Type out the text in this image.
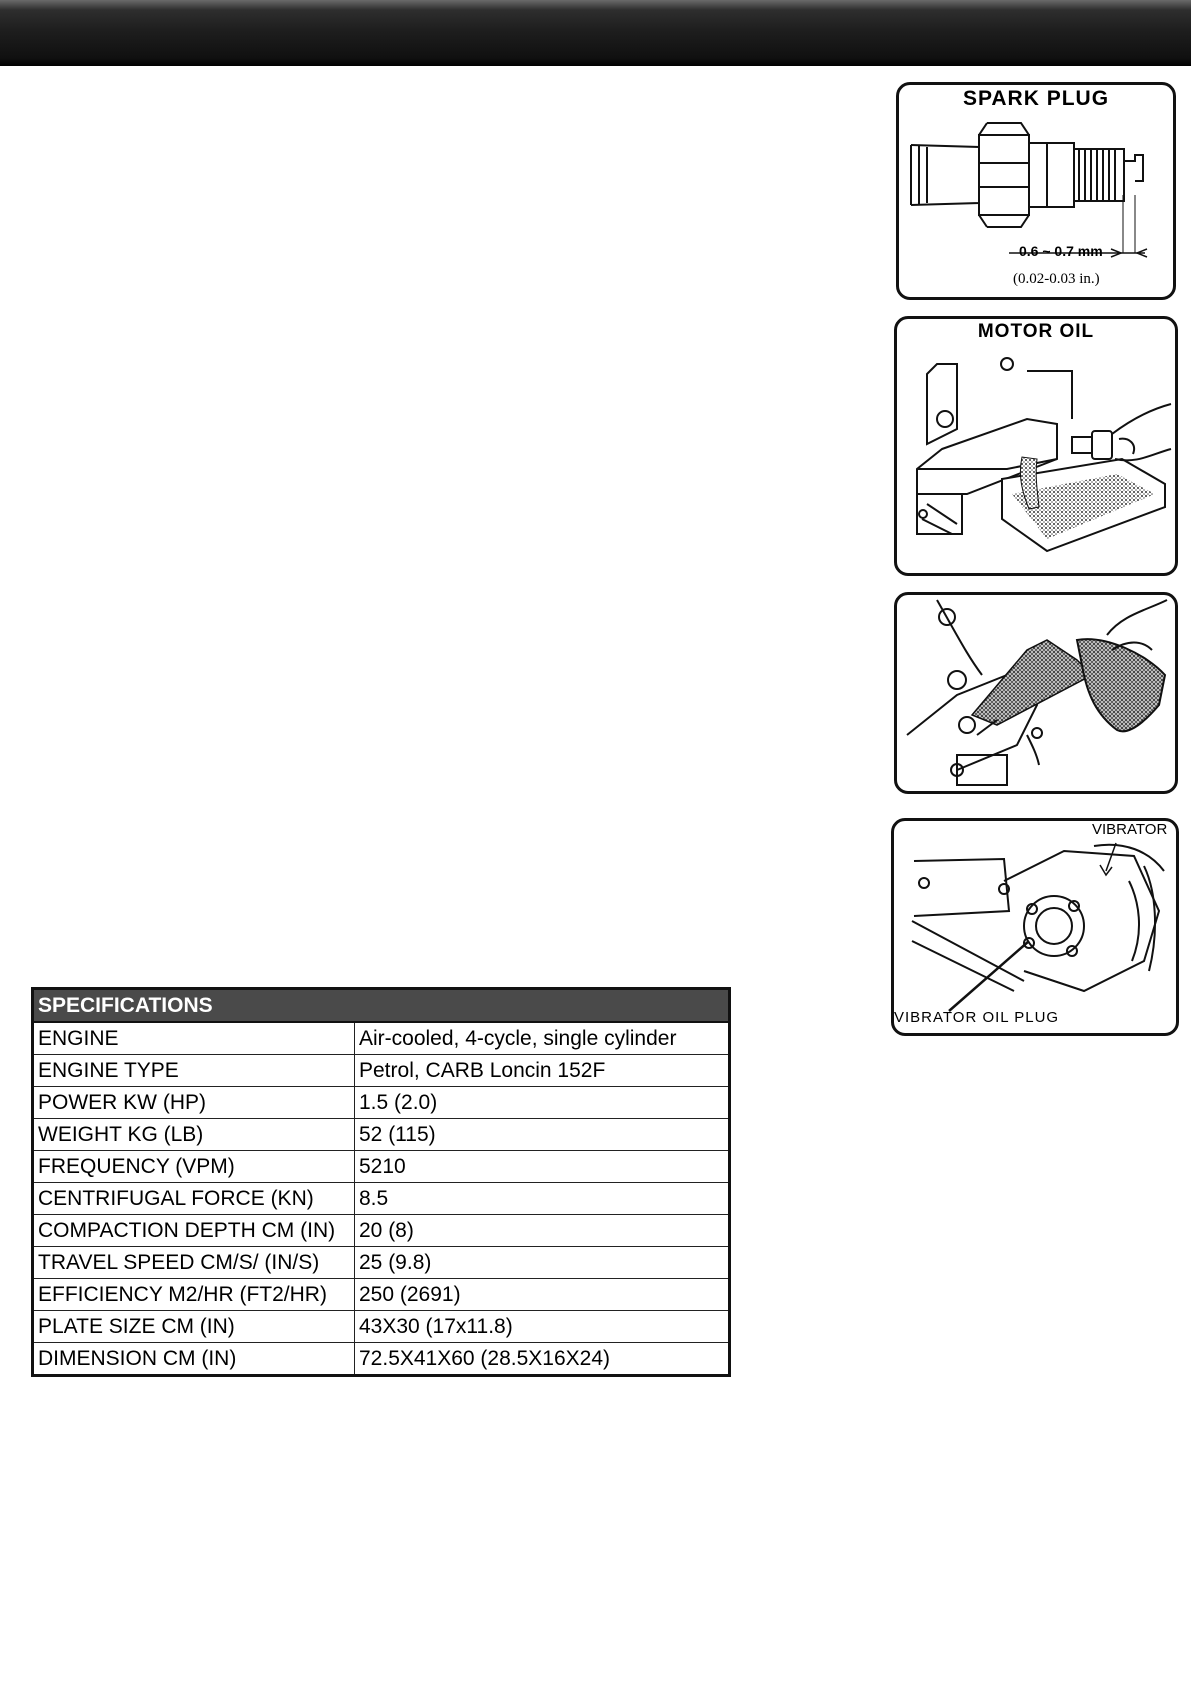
SPARK PLUG
0.6 ~ 0.7 mm
(0.02-0.03 in.)
MOTOR OIL
VIBRATOR
VIBRATOR OIL PLUG
SPECIFICATIONS	
ENGINE	Air-cooled, 4-cycle, single cylinder
ENGINE TYPE	Petrol, CARB Loncin 152F
POWER KW (HP)	1.5 (2.0)
WEIGHT KG (LB)	52 (115)
FREQUENCY (VPM)	5210
CENTRIFUGAL FORCE (KN)	8.5
COMPACTION DEPTH CM (IN)	20 (8)
TRAVEL SPEED CM/S/ (IN/S)	25 (9.8)
EFFICIENCY M2/HR (FT2/HR)	250 (2691)
PLATE SIZE CM (IN)	43X30 (17x11.8)
DIMENSION CM (IN)	72.5X41X60 (28.5X16X24)
